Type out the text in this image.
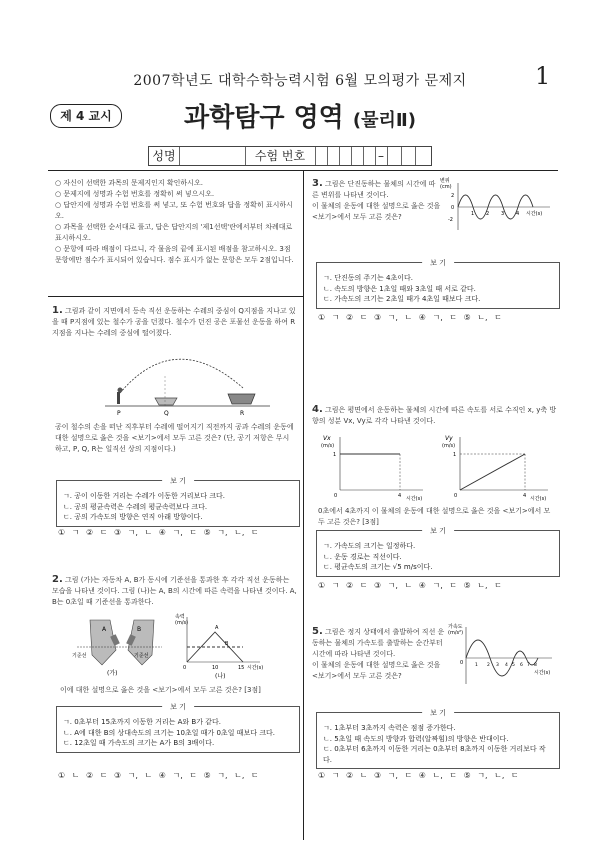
2007학년도 대학수학능력시험 6월 모의평가 문제지	1
제 4 교시	과학탐구 영역 (물리Ⅱ)
성명	수험 번호	–
○ 자신이 선택한 과목의 문제지인지 확인하시오.
○ 문제지에 성명과 수험 번호를 정확히 써 넣으시오.
○ 답안지에 성명과 수험 번호를 써 넣고, 또 수험 번호와 답을 정확히 표시하시오.
○ 과목을 선택한 순서대로 풀고, 답은 답안지의 '제1선택'란에서부터 차례대로 표시하시오.
○ 문항에 따라 배점이 다르니, 각 물음의 끝에 표시된 배점을 참고하시오. 3점 문항에만 점수가 표시되어 있습니다. 점수 표시가 없는 문항은 모두 2점입니다.
1. 그림과 같이 지면에서 등속 직선 운동하는 수레의 중심이 Q지점을 지나고 있을 때 P지점에 있는 철수가 공을 던졌다. 철수가 던진 공은 포물선 운동을 하여 R지점을 지나는 수레의 중심에 떨어졌다.
P	Q	R
공이 철수의 손을 떠난 직후부터 수레에 떨어지기 직전까지 공과 수레의 운동에 대한 설명으로 옳은 것을 <보기>에서 모두 고른 것은? (단, 공기 저항은 무시하고, P, Q, R는 일직선 상의 지점이다.)
보 기
ㄱ. 공이 이동한 거리는 수레가 이동한 거리보다 크다.
ㄴ. 공의 평균속력은 수레의 평균속력보다 크다.
ㄷ. 공의 가속도의 방향은 연직 아래 방향이다.
① ㄱ ② ㄷ ③ ㄱ, ㄴ ④ ㄱ, ㄷ ⑤ ㄱ, ㄴ, ㄷ
2. 그림 (가)는 자동차 A, B가 동시에 기준선을 통과한 후 각각 직선 운동하는 모습을 나타낸 것이다. 그림 (나)는 A, B의 시간에 따른 속력을 나타낸 것이다. A, B는 0초일 때 기준선을 통과한다.
A	B
기준선	기준선
(가)
속력
(m/s)
A
B
0	10	15 시간(s)
(나)
이에 대한 설명으로 옳은 것을 <보기>에서 모두 고른 것은? [3점]
보 기
ㄱ. 0초부터 15초까지 이동한 거리는 A와 B가 같다.
ㄴ. A에 대한 B의 상대속도의 크기는 10초일 때가 0초일 때보다 크다.
ㄷ. 12초일 때 가속도의 크기는 A가 B의 3배이다.
① ㄴ ② ㄷ ③ ㄱ, ㄴ ④ ㄱ, ㄷ ⑤ ㄱ, ㄴ, ㄷ
3. 그림은 단진동하는 물체의 시간에 따른 변위를 나타낸 것이다.
이 물체의 운동에 대한 설명으로 옳은 것을 <보기>에서 모두 고른 것은?
변위
(cm)
2
0
-2
1 2 3 4 시간(s)
보 기
ㄱ. 단진동의 주기는 4초이다.
ㄴ. 속도의 방향은 1초일 때와 3초일 때 서로 같다.
ㄷ. 가속도의 크기는 2초일 때가 4초일 때보다 크다.
① ㄱ ② ㄷ ③ ㄱ, ㄴ ④ ㄱ, ㄷ ⑤ ㄴ, ㄷ
4. 그림은 평면에서 운동하는 물체의 시간에 따른 속도를 서로 수직인 x, y축 방향의 성분 Vx, Vy로 각각 나타낸 것이다.
Vx
(m/s)
1
0	4 시간(s)
Vy
(m/s)
1
0	4 시간(s)
0초에서 4초까지 이 물체의 운동에 대한 설명으로 옳은 것을 <보기>에서 모두 고른 것은? [3점]
보 기
ㄱ. 가속도의 크기는 일정하다.
ㄴ. 운동 경로는 직선이다.
ㄷ. 평균속도의 크기는 √5 m/s이다.
① ㄱ ② ㄷ ③ ㄱ, ㄴ ④ ㄱ, ㄷ ⑤ ㄴ, ㄷ
5. 그림은 정지 상태에서 출발하여 직선 운동하는 물체의 가속도를 출발하는 순간부터 시간에 따라 나타낸 것이다.
이 물체의 운동에 대한 설명으로 옳은 것을 <보기>에서 모두 고른 것은?
가속도
(m/s²)
0	1 2 3 4 5 6 7 8
시간(s)
보 기
ㄱ. 1초부터 3초까지 속력은 점점 증가한다.
ㄴ. 5초일 때 속도의 방향과 합력(알짜힘)의 방향은 반대이다.
ㄷ. 0초부터 6초까지 이동한 거리는 0초부터 8초까지 이동한 거리보다 작다.
① ㄱ ② ㄴ ③ ㄱ, ㄷ ④ ㄴ, ㄷ ⑤ ㄱ, ㄴ, ㄷ
